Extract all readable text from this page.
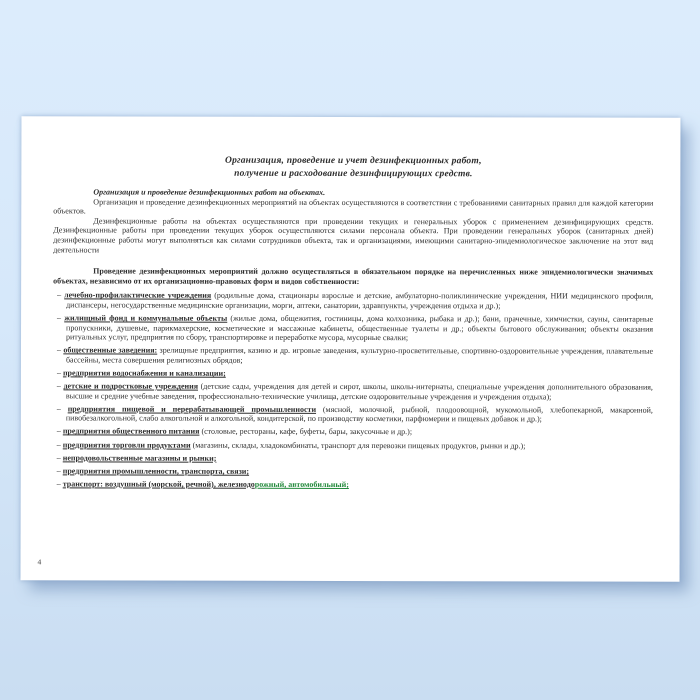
Организация, проведение и учет дезинфекционных работ,
получение и расходование дезинфицирующих средств.

Организация и проведение дезинфекционных работ на объектах.

Организация и проведение дезинфекционных мероприятий на объектах осуществляются в соответствии с требованиями санитарных правил для каждой категории объектов.

Дезинфекционные работы на объектах осуществляются при проведении текущих и генеральных уборок с применением дезинфицирующих средств. Дезинфекционные работы при проведении текущих уборок осуществляются силами персонала объекта. При проведении генеральных уборок (санитарных дней) дезинфекционные работы могут выполняться как силами сотрудников объекта, так и организациями, имеющими санитарно-эпидемиологическое заключение на этот вид деятельности

Проведение дезинфекционных мероприятий должно осуществляться в обязательном порядке на перечисленных ниже эпидемиологически значимых объектах, независимо от их организационно-правовых форм и видов собственности:

– лечебно-профилактические учреждения (родильные дома, стационары взрослые и детские, амбулаторно-поликлинические учреждения, НИИ медицинского профиля, диспансеры, негосударственные медицинские организации, морги, аптеки, санатории, здравпункты, учреждения отдыха и др.);
– жилищный фонд и коммунальные объекты (жилые дома, общежития, гостиницы, дома колхозника, рыбака и др.); бани, прачечные, химчистки, сауны, санитарные пропускники, душевые, парикмахерские, косметические и массажные кабинеты, общественные туалеты и др.; объекты бытового обслуживания; объекты оказания ритуальных услуг, предприятия по сбору, транспортировке и переработке мусора, мусорные свалки;
– общественные заведения: зрелищные предприятия, казино и др. игровые заведения, культурно-просветительные, спортивно-оздоровительные учреждения, плавательные бассейны, места совершения религиозных обрядов;
– предприятия водоснабжения и канализации;
– детские и подростковые учреждения (детские сады, учреждения для детей и сирот, школы, школы-интернаты, специальные учреждения дополнительного образования, высшие и средние учебные заведения, профессионально-технические училища, детские оздоровительные учреждения и учреждения отдыха);
– предприятия пищевой и перерабатывающей промышленности (мясной, молочной, рыбной, плодоовощной, мукомольной, хлебопекарной, макаронной, пивобезалкогольной, слабо алкогольной и алкогольной, кондитерской, по производству косметики, парфюмерии и пищевых добавок и др.);
– предприятия общественного питания (столовые, рестораны, кафе, буфеты, бары, закусочные и др.);
– предприятия торговли продуктами (магазины, склады, хладокомбинаты, транспорт для перевозки пищевых продуктов, рынки и др.);
– непродовольственные магазины и рынки;
– предприятия промышленности, транспорта, связи;
– транспорт: воздушный (морской, речной), железнодорожный, автомобильный;
4
